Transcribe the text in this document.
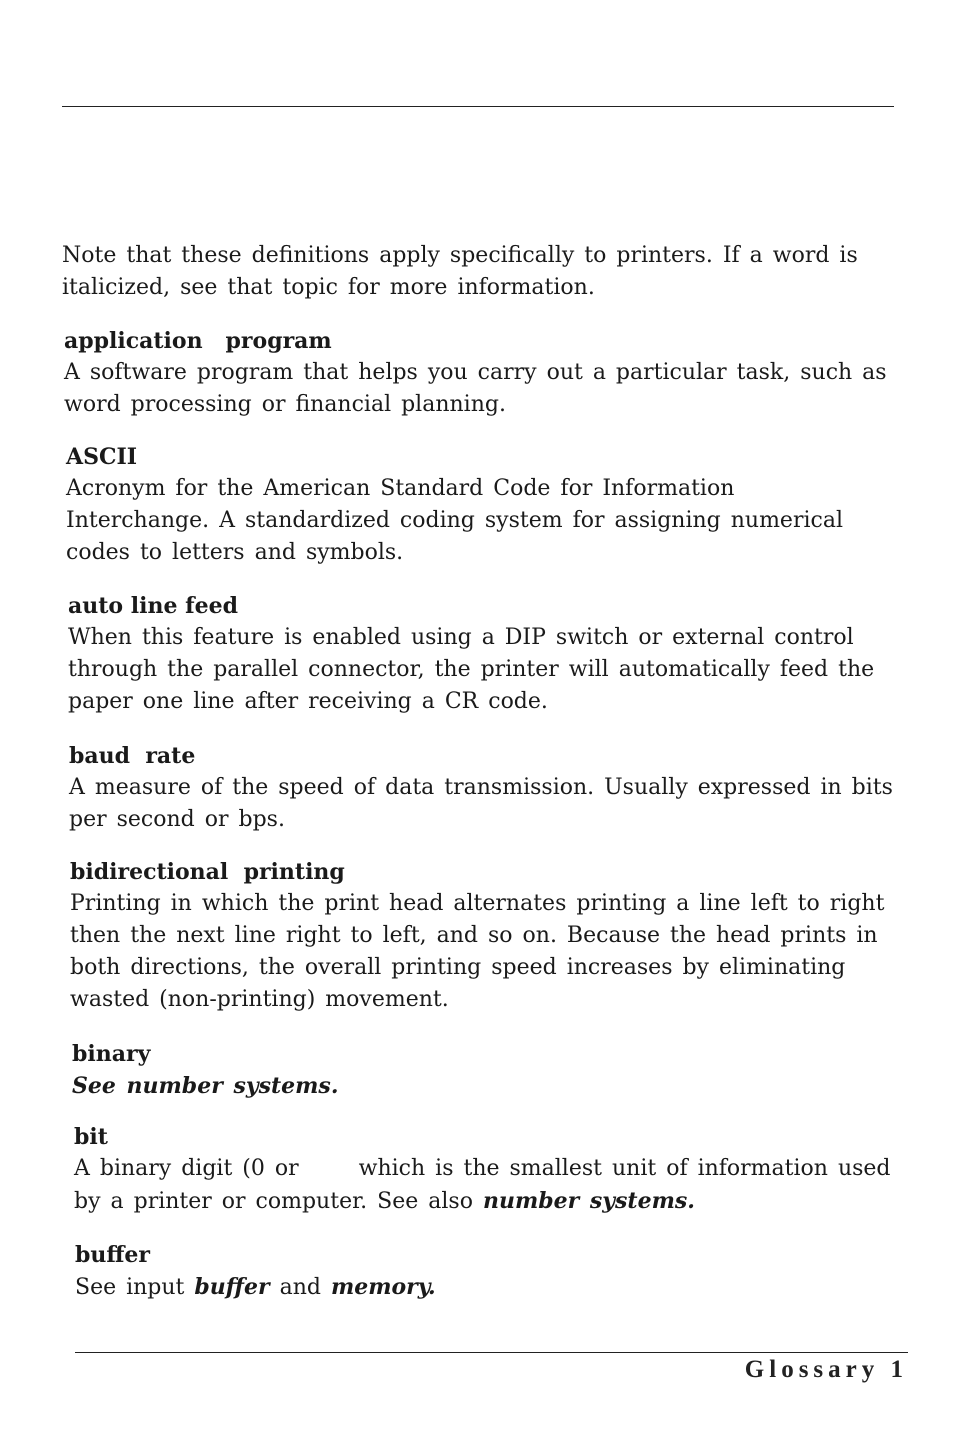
Note that these definitions apply specifically to printers. If a word is
italicized, see that topic for more information.
application   program
A software program that helps you carry out a particular task, such as
word processing or financial planning.
ASCII
Acronym for the American Standard Code for Information
Interchange. A standardized coding system for assigning numerical
codes to letters and symbols.
auto line feed
When this feature is enabled using a DIP switch or external control
through the parallel connector, the printer will automatically feed the
paper one line after receiving a CR code.
baud  rate
A measure of the speed of data transmission. Usually expressed in bits
per second or bps.
bidirectional  printing
Printing in which the print head alternates printing a line left to right
then the next line right to left, and so on. Because the head prints in
both directions, the overall printing speed increases by eliminating
wasted (non-printing) movement.
binary
See number systems.
bit
A binary digit (0 or	which is the smallest unit of information used
by a printer or computer. See also number systems.
buffer
See input buffer and memory.
Glossary 1
